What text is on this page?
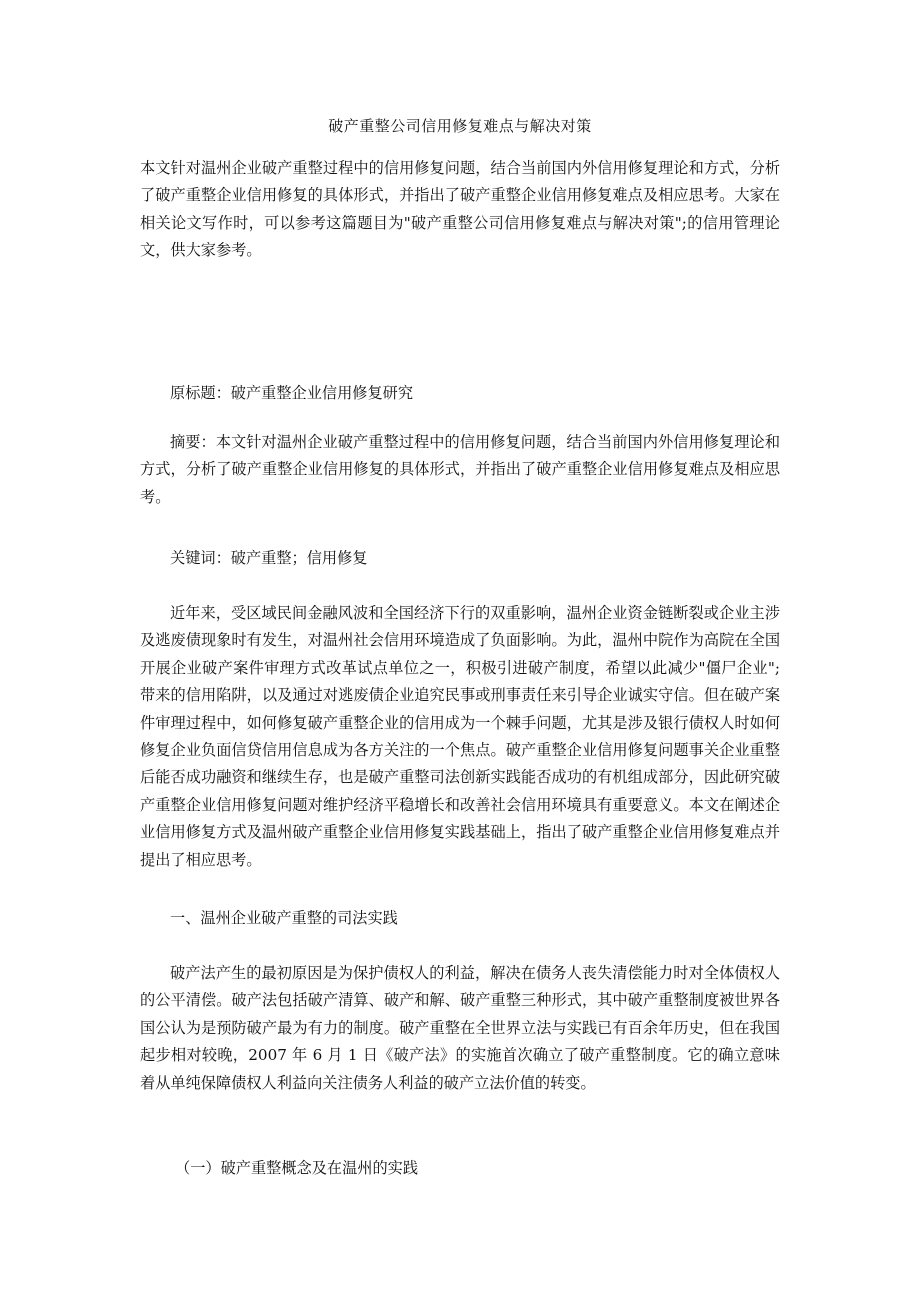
破产重整公司信用修复难点与解决对策

本文针对温州企业破产重整过程中的信用修复问题，结合当前国内外信用修复理论和方式，分析了破产重整企业信用修复的具体形式，并指出了破产重整企业信用修复难点及相应思考。大家在相关论文写作时，可以参考这篇题目为"破产重整公司信用修复难点与解决对策";的信用管理论文，供大家参考。

原标题：破产重整企业信用修复研究

摘要：本文针对温州企业破产重整过程中的信用修复问题，结合当前国内外信用修复理论和方式，分析了破产重整企业信用修复的具体形式，并指出了破产重整企业信用修复难点及相应思考。

关键词：破产重整；信用修复

近年来，受区域民间金融风波和全国经济下行的双重影响，温州企业资金链断裂或企业主涉及逃废债现象时有发生，对温州社会信用环境造成了负面影响。为此，温州中院作为高院在全国开展企业破产案件审理方式改革试点单位之一，积极引进破产制度，希望以此减少"僵尸企业";带来的信用陷阱，以及通过对逃废债企业追究民事或刑事责任来引导企业诚实守信。但在破产案件审理过程中，如何修复破产重整企业的信用成为一个棘手问题，尤其是涉及银行债权人时如何修复企业负面信贷信用信息成为各方关注的一个焦点。破产重整企业信用修复问题事关企业重整后能否成功融资和继续生存，也是破产重整司法创新实践能否成功的有机组成部分，因此研究破产重整企业信用修复问题对维护经济平稳增长和改善社会信用环境具有重要意义。本文在阐述企业信用修复方式及温州破产重整企业信用修复实践基础上，指出了破产重整企业信用修复难点并提出了相应思考。

一、温州企业破产重整的司法实践

破产法产生的最初原因是为保护债权人的利益，解决在债务人丧失清偿能力时对全体债权人的公平清偿。破产法包括破产清算、破产和解、破产重整三种形式，其中破产重整制度被世界各国公认为是预防破产最为有力的制度。破产重整在全世界立法与实践已有百余年历史，但在我国起步相对较晚，2007 年 6 月 1 日《破产法》的实施首次确立了破产重整制度。它的确立意味着从单纯保障债权人利益向关注债务人利益的破产立法价值的转变。

（一）破产重整概念及在温州的实践
